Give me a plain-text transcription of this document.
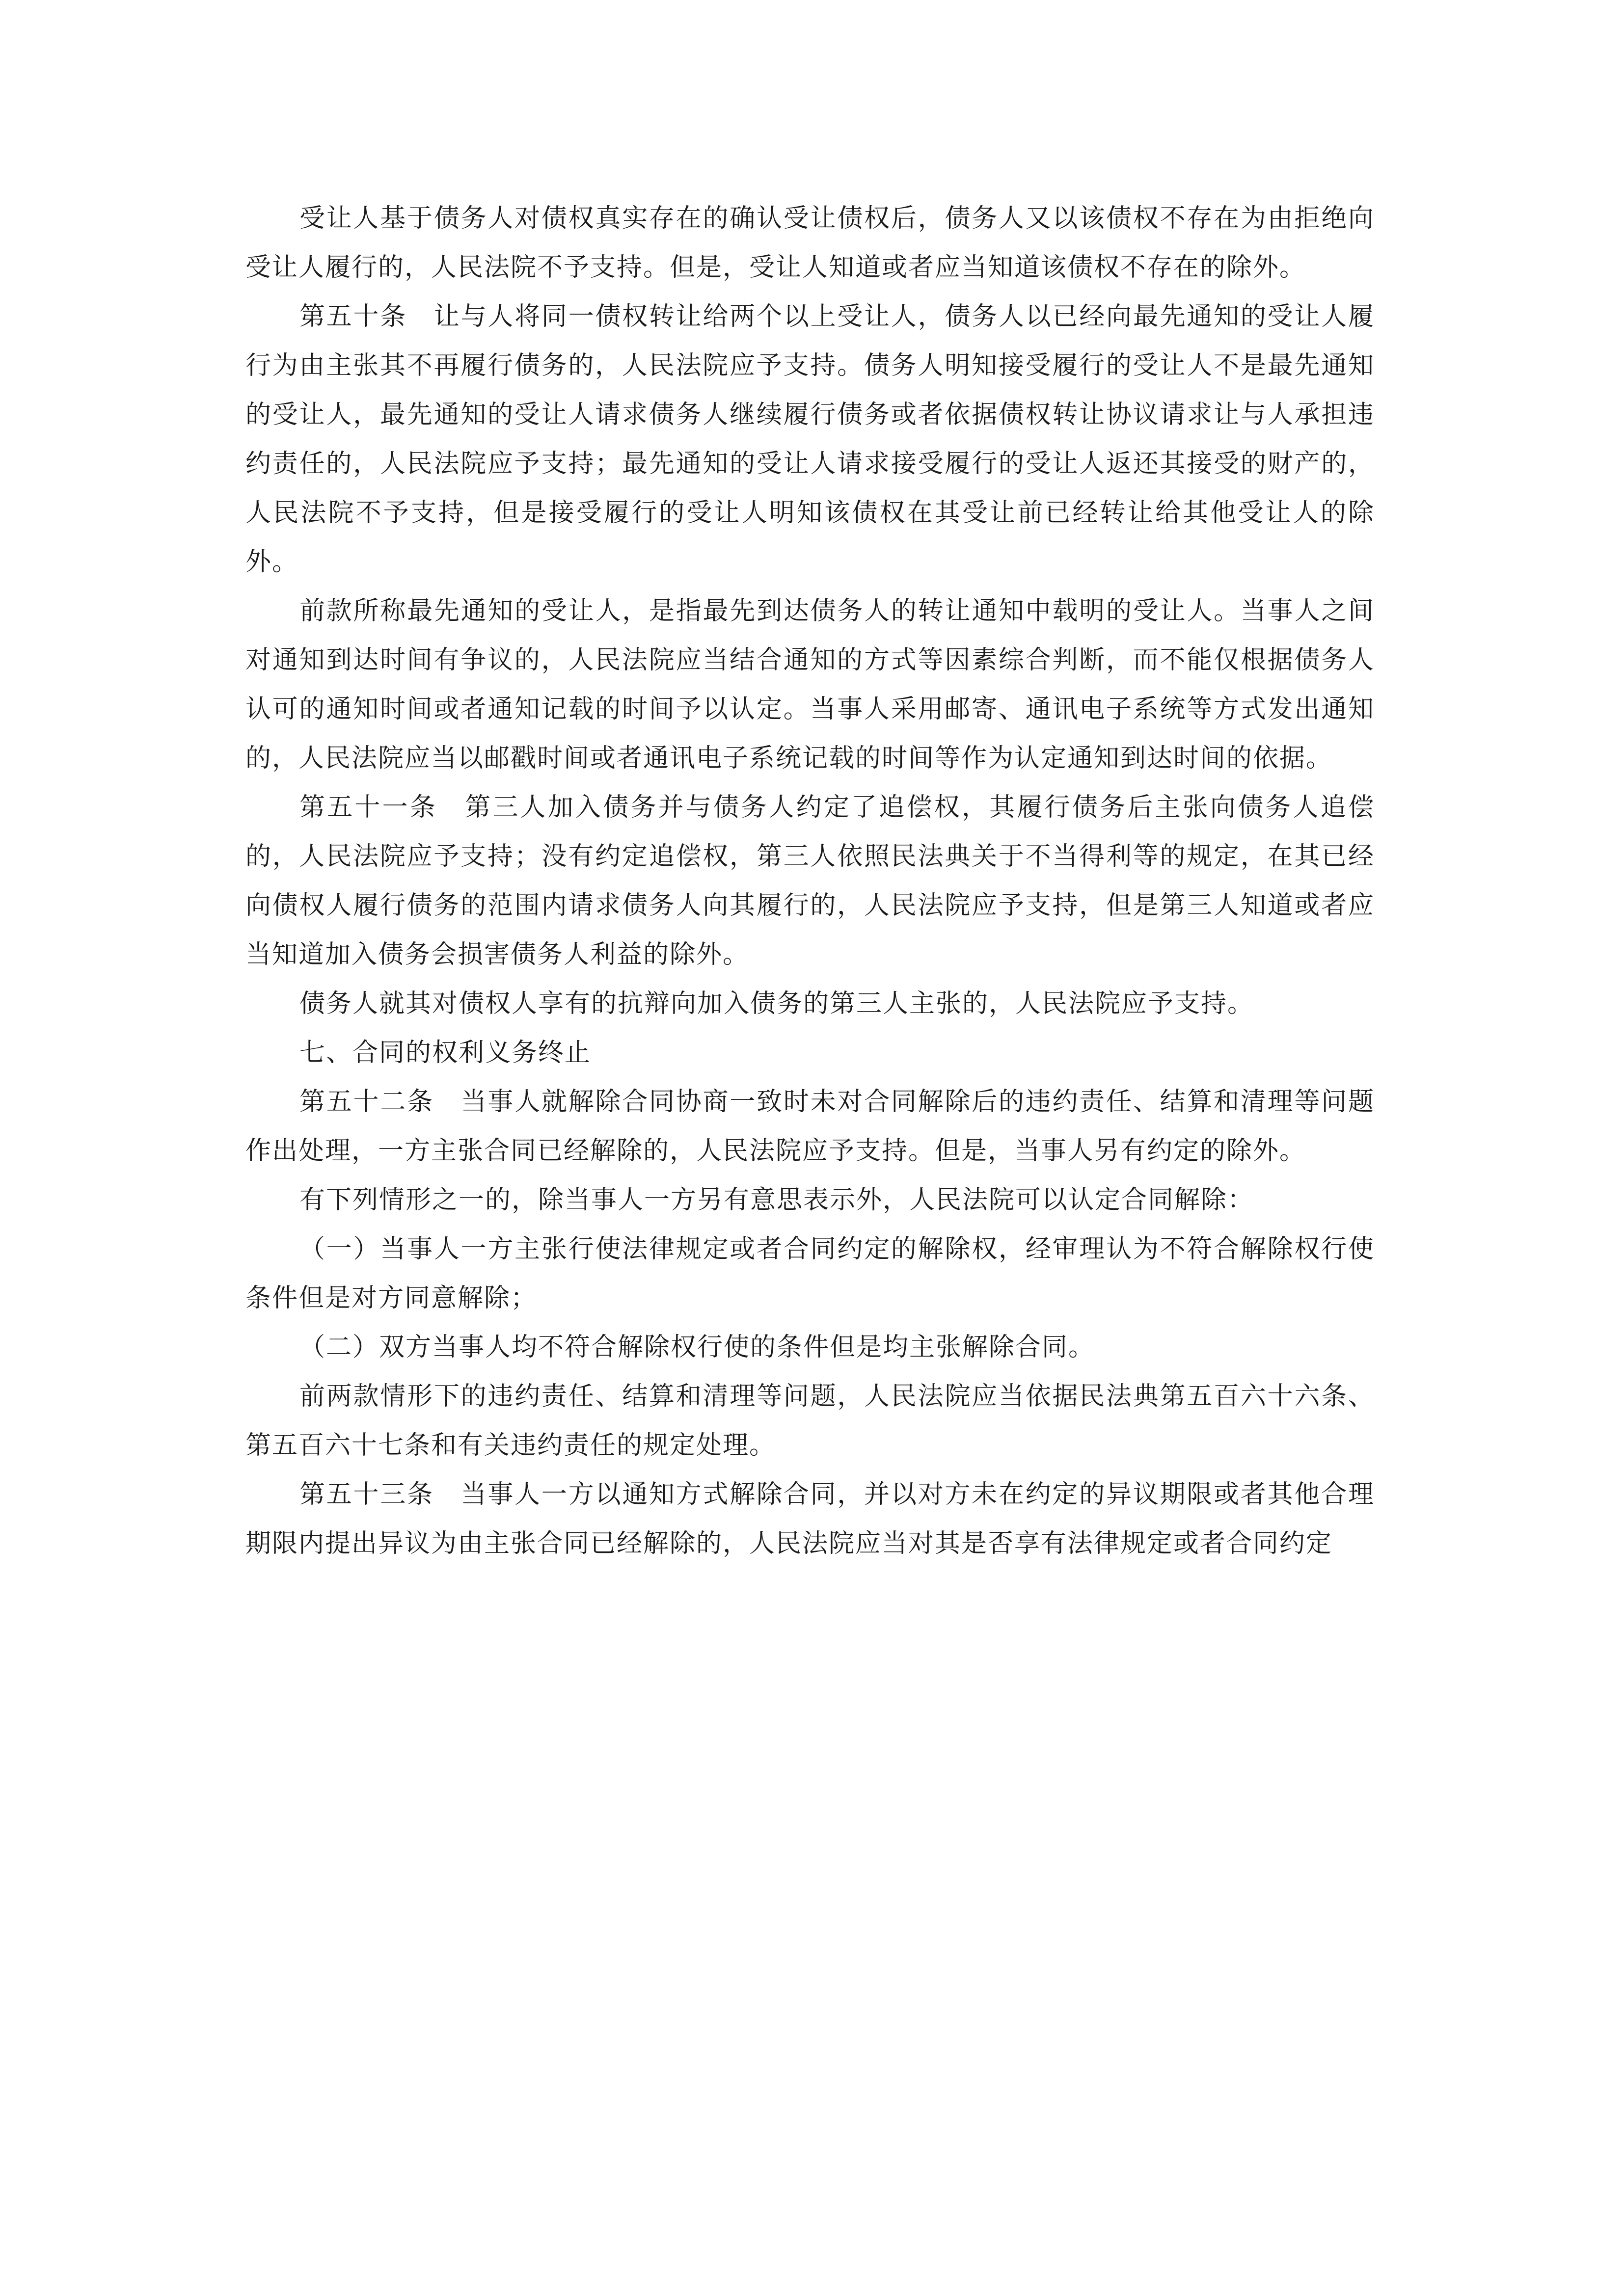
受让人基于债务人对债权真实存在的确认受让债权后，债务人又以该债权不存在为由拒绝向受让人履行的，人民法院不予支持。但是，受让人知道或者应当知道该债权不存在的除外。

第五十条　让与人将同一债权转让给两个以上受让人，债务人以已经向最先通知的受让人履行为由主张其不再履行债务的，人民法院应予支持。债务人明知接受履行的受让人不是最先通知的受让人，最先通知的受让人请求债务人继续履行债务或者依据债权转让协议请求让与人承担违约责任的，人民法院应予支持；最先通知的受让人请求接受履行的受让人返还其接受的财产的，人民法院不予支持，但是接受履行的受让人明知该债权在其受让前已经转让给其他受让人的除外。

前款所称最先通知的受让人，是指最先到达债务人的转让通知中载明的受让人。当事人之间对通知到达时间有争议的，人民法院应当结合通知的方式等因素综合判断，而不能仅根据债务人认可的通知时间或者通知记载的时间予以认定。当事人采用邮寄、通讯电子系统等方式发出通知的，人民法院应当以邮戳时间或者通讯电子系统记载的时间等作为认定通知到达时间的依据。

第五十一条　第三人加入债务并与债务人约定了追偿权，其履行债务后主张向债务人追偿的，人民法院应予支持；没有约定追偿权，第三人依照民法典关于不当得利等的规定，在其已经向债权人履行债务的范围内请求债务人向其履行的，人民法院应予支持，但是第三人知道或者应当知道加入债务会损害债务人利益的除外。

债务人就其对债权人享有的抗辩向加入债务的第三人主张的，人民法院应予支持。

七、合同的权利义务终止

第五十二条　当事人就解除合同协商一致时未对合同解除后的违约责任、结算和清理等问题作出处理，一方主张合同已经解除的，人民法院应予支持。但是，当事人另有约定的除外。

有下列情形之一的，除当事人一方另有意思表示外，人民法院可以认定合同解除：

（一）当事人一方主张行使法律规定或者合同约定的解除权，经审理认为不符合解除权行使条件但是对方同意解除；

（二）双方当事人均不符合解除权行使的条件但是均主张解除合同。

前两款情形下的违约责任、结算和清理等问题，人民法院应当依据民法典第五百六十六条、第五百六十七条和有关违约责任的规定处理。

第五十三条　当事人一方以通知方式解除合同，并以对方未在约定的异议期限或者其他合理期限内提出异议为由主张合同已经解除的，人民法院应当对其是否享有法律规定或者合同约定
